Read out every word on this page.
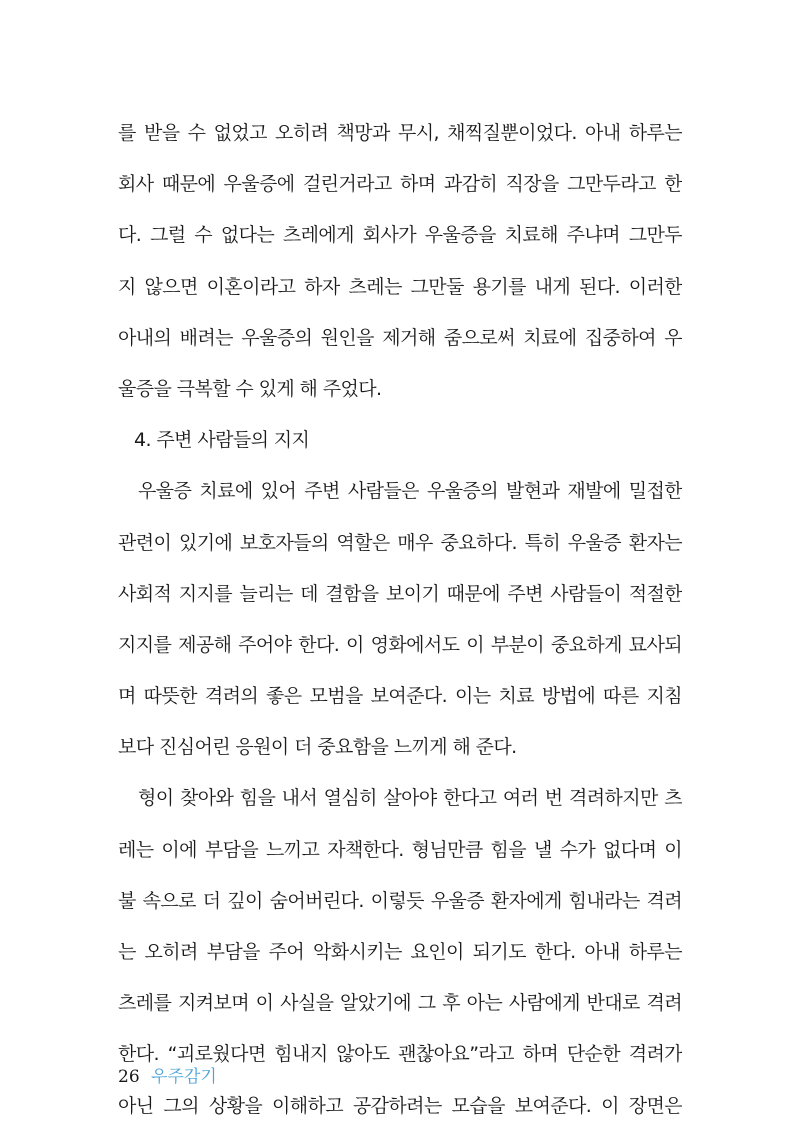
를 받을 수 없었고 오히려 책망과 무시, 채찍질뿐이었다. 아내 하루는
회사 때문에 우울증에 걸린거라고 하며 과감히 직장을 그만두라고 한
다. 그럴 수 없다는 츠레에게 회사가 우울증을 치료해 주냐며 그만두
지 않으면 이혼이라고 하자 츠레는 그만둘 용기를 내게 된다. 이러한
아내의 배려는 우울증의 원인을 제거해 줌으로써 치료에 집중하여 우
울증을 극복할 수 있게 해 주었다.
4. 주변 사람들의 지지
우울증 치료에 있어 주변 사람들은 우울증의 발현과 재발에 밀접한
관련이 있기에 보호자들의 역할은 매우 중요하다. 특히 우울증 환자는
사회적 지지를 늘리는 데 결함을 보이기 때문에 주변 사람들이 적절한
지지를 제공해 주어야 한다. 이 영화에서도 이 부분이 중요하게 묘사되
며 따뜻한 격려의 좋은 모범을 보여준다. 이는 치료 방법에 따른 지침
보다 진심어린 응원이 더 중요함을 느끼게 해 준다.
형이 찾아와 힘을 내서 열심히 살아야 한다고 여러 번 격려하지만 츠
레는 이에 부담을 느끼고 자책한다. 형님만큼 힘을 낼 수가 없다며 이
불 속으로 더 깊이 숨어버린다. 이렇듯 우울증 환자에게 힘내라는 격려
는 오히려 부담을 주어 악화시키는 요인이 되기도 한다. 아내 하루는
츠레를 지켜보며 이 사실을 알았기에 그 후 아는 사람에게 반대로 격려
한다. “괴로웠다면 힘내지 않아도 괜찮아요”라고 하며 단순한 격려가
아닌 그의 상황을 이해하고 공감하려는 모습을 보여준다. 이 장면은
26 우주감기
